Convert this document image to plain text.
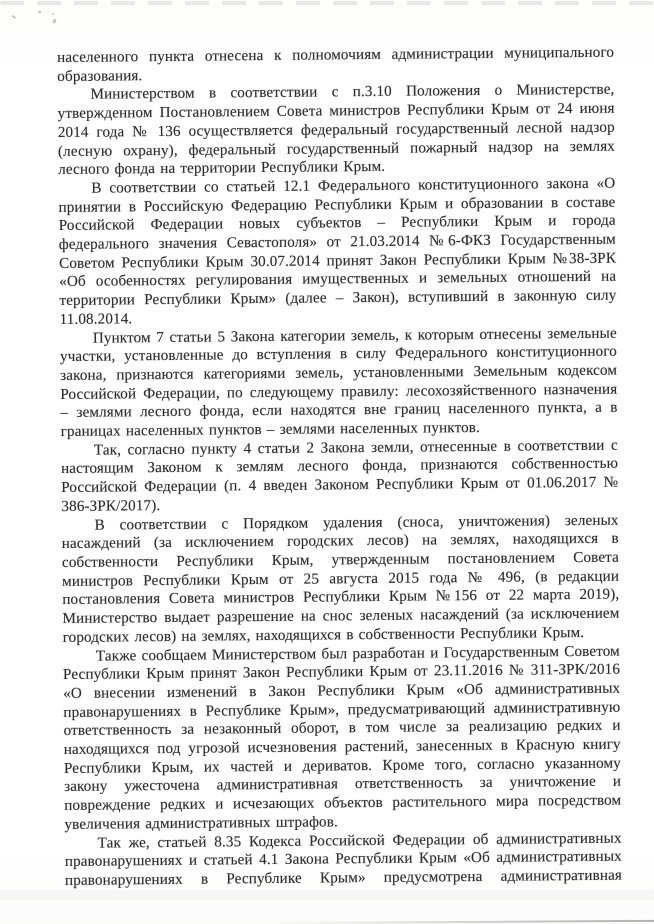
населенного пункта отнесена к полномочиям администрации муниципального образования.

Министерством в соответствии с п.3.10 Положения о Министерстве, утвержденном Постановлением Совета министров Республики Крым от 24 июня 2014 года № 136 осуществляется федеральный государственный лесной надзор (лесную охрану), федеральный государственный пожарный надзор на землях лесного фонда на территории Республики Крым.

В соответствии со статьей 12.1 Федерального конституционного закона «О принятии в Российскую Федерацию Республики Крым и образовании в составе Российской Федерации новых субъектов – Республики Крым и города федерального значения Севастополя» от 21.03.2014 №6-ФКЗ Государственным Советом Республики Крым 30.07.2014 принят Закон Республики Крым №38-ЗРК «Об особенностях регулирования имущественных и земельных отношений на территории Республики Крым» (далее – Закон), вступивший в законную силу 11.08.2014.

Пунктом 7 статьи 5 Закона категории земель, к которым отнесены земельные участки, установленные до вступления в силу Федерального конституционного закона, признаются категориями земель, установленными Земельным кодексом Российской Федерации, по следующему правилу: лесохозяйственного назначения – землями лесного фонда, если находятся вне границ населенного пункта, а в границах населенных пунктов – землями населенных пунктов.

Так, согласно пункту 4 статьи 2 Закона земли, отнесенные в соответствии с настоящим Законом к землям лесного фонда, признаются собственностью Российской Федерации (п. 4 введен Законом Республики Крым от 01.06.2017 № 386-ЗРК/2017).

В соответствии с Порядком удаления (сноса, уничтожения) зеленых насаждений (за исключением городских лесов) на землях, находящихся в собственности Республики Крым, утвержденным постановлением Совета министров Республики Крым от 25 августа 2015 года № 496, (в редакции постановления Совета министров Республики Крым №156 от 22 марта 2019), Министерство выдает разрешение на снос зеленых насаждений (за исключением городских лесов) на землях, находящихся в собственности Республики Крым.

Также сообщаем Министерством был разработан и Государственным Советом Республики Крым принят Закон Республики Крым от 23.11.2016 № 311-ЗРК/2016 «О внесении изменений в Закон Республики Крым «Об административных правонарушениях в Республике Крым», предусматривающий административную ответственность за незаконный оборот, в том числе за реализацию редких и находящихся под угрозой исчезновения растений, занесенных в Красную книгу Республики Крым, их частей и дериватов. Кроме того, согласно указанному закону ужесточена административная ответственность за уничтожение и повреждение редких и исчезающих объектов растительного мира посредством увеличения административных штрафов.

Так же, статьей 8.35 Кодекса Российской Федерации об административных правонарушениях и статьей 4.1 Закона Республики Крым «Об административных правонарушениях в Республике Крым» предусмотрена административная
